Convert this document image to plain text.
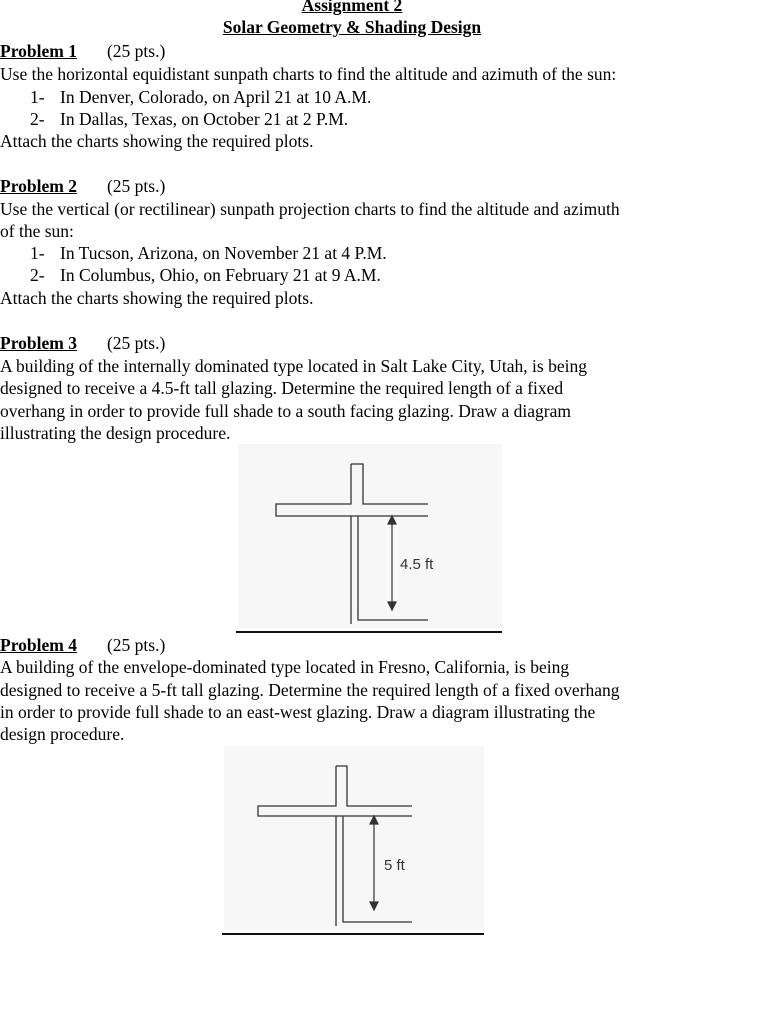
Assignment 2
Solar Geometry & Shading Design
Problem 1 (25 pts.)
Use the horizontal equidistant sunpath charts to find the altitude and azimuth of the sun:
1- In Denver, Colorado, on April 21 at 10 A.M.
2- In Dallas, Texas, on October 21 at 2 P.M.
Attach the charts showing the required plots.
Problem 2 (25 pts.)
Use the vertical (or rectilinear) sunpath projection charts to find the altitude and azimuth
of the sun:
1- In Tucson, Arizona, on November 21 at 4 P.M.
2- In Columbus, Ohio, on February 21 at 9 A.M.
Attach the charts showing the required plots.
Problem 3 (25 pts.)
A building of the internally dominated type located in Salt Lake City, Utah, is being
designed to receive a 4.5-ft tall glazing. Determine the required length of a fixed
overhang in order to provide full shade to a south facing glazing. Draw a diagram
illustrating the design procedure.
4.5 ft
Problem 4 (25 pts.)
A building of the envelope-dominated type located in Fresno, California, is being
designed to receive a 5-ft tall glazing. Determine the required length of a fixed overhang
in order to provide full shade to an east-west glazing. Draw a diagram illustrating the
design procedure.
5 ft
